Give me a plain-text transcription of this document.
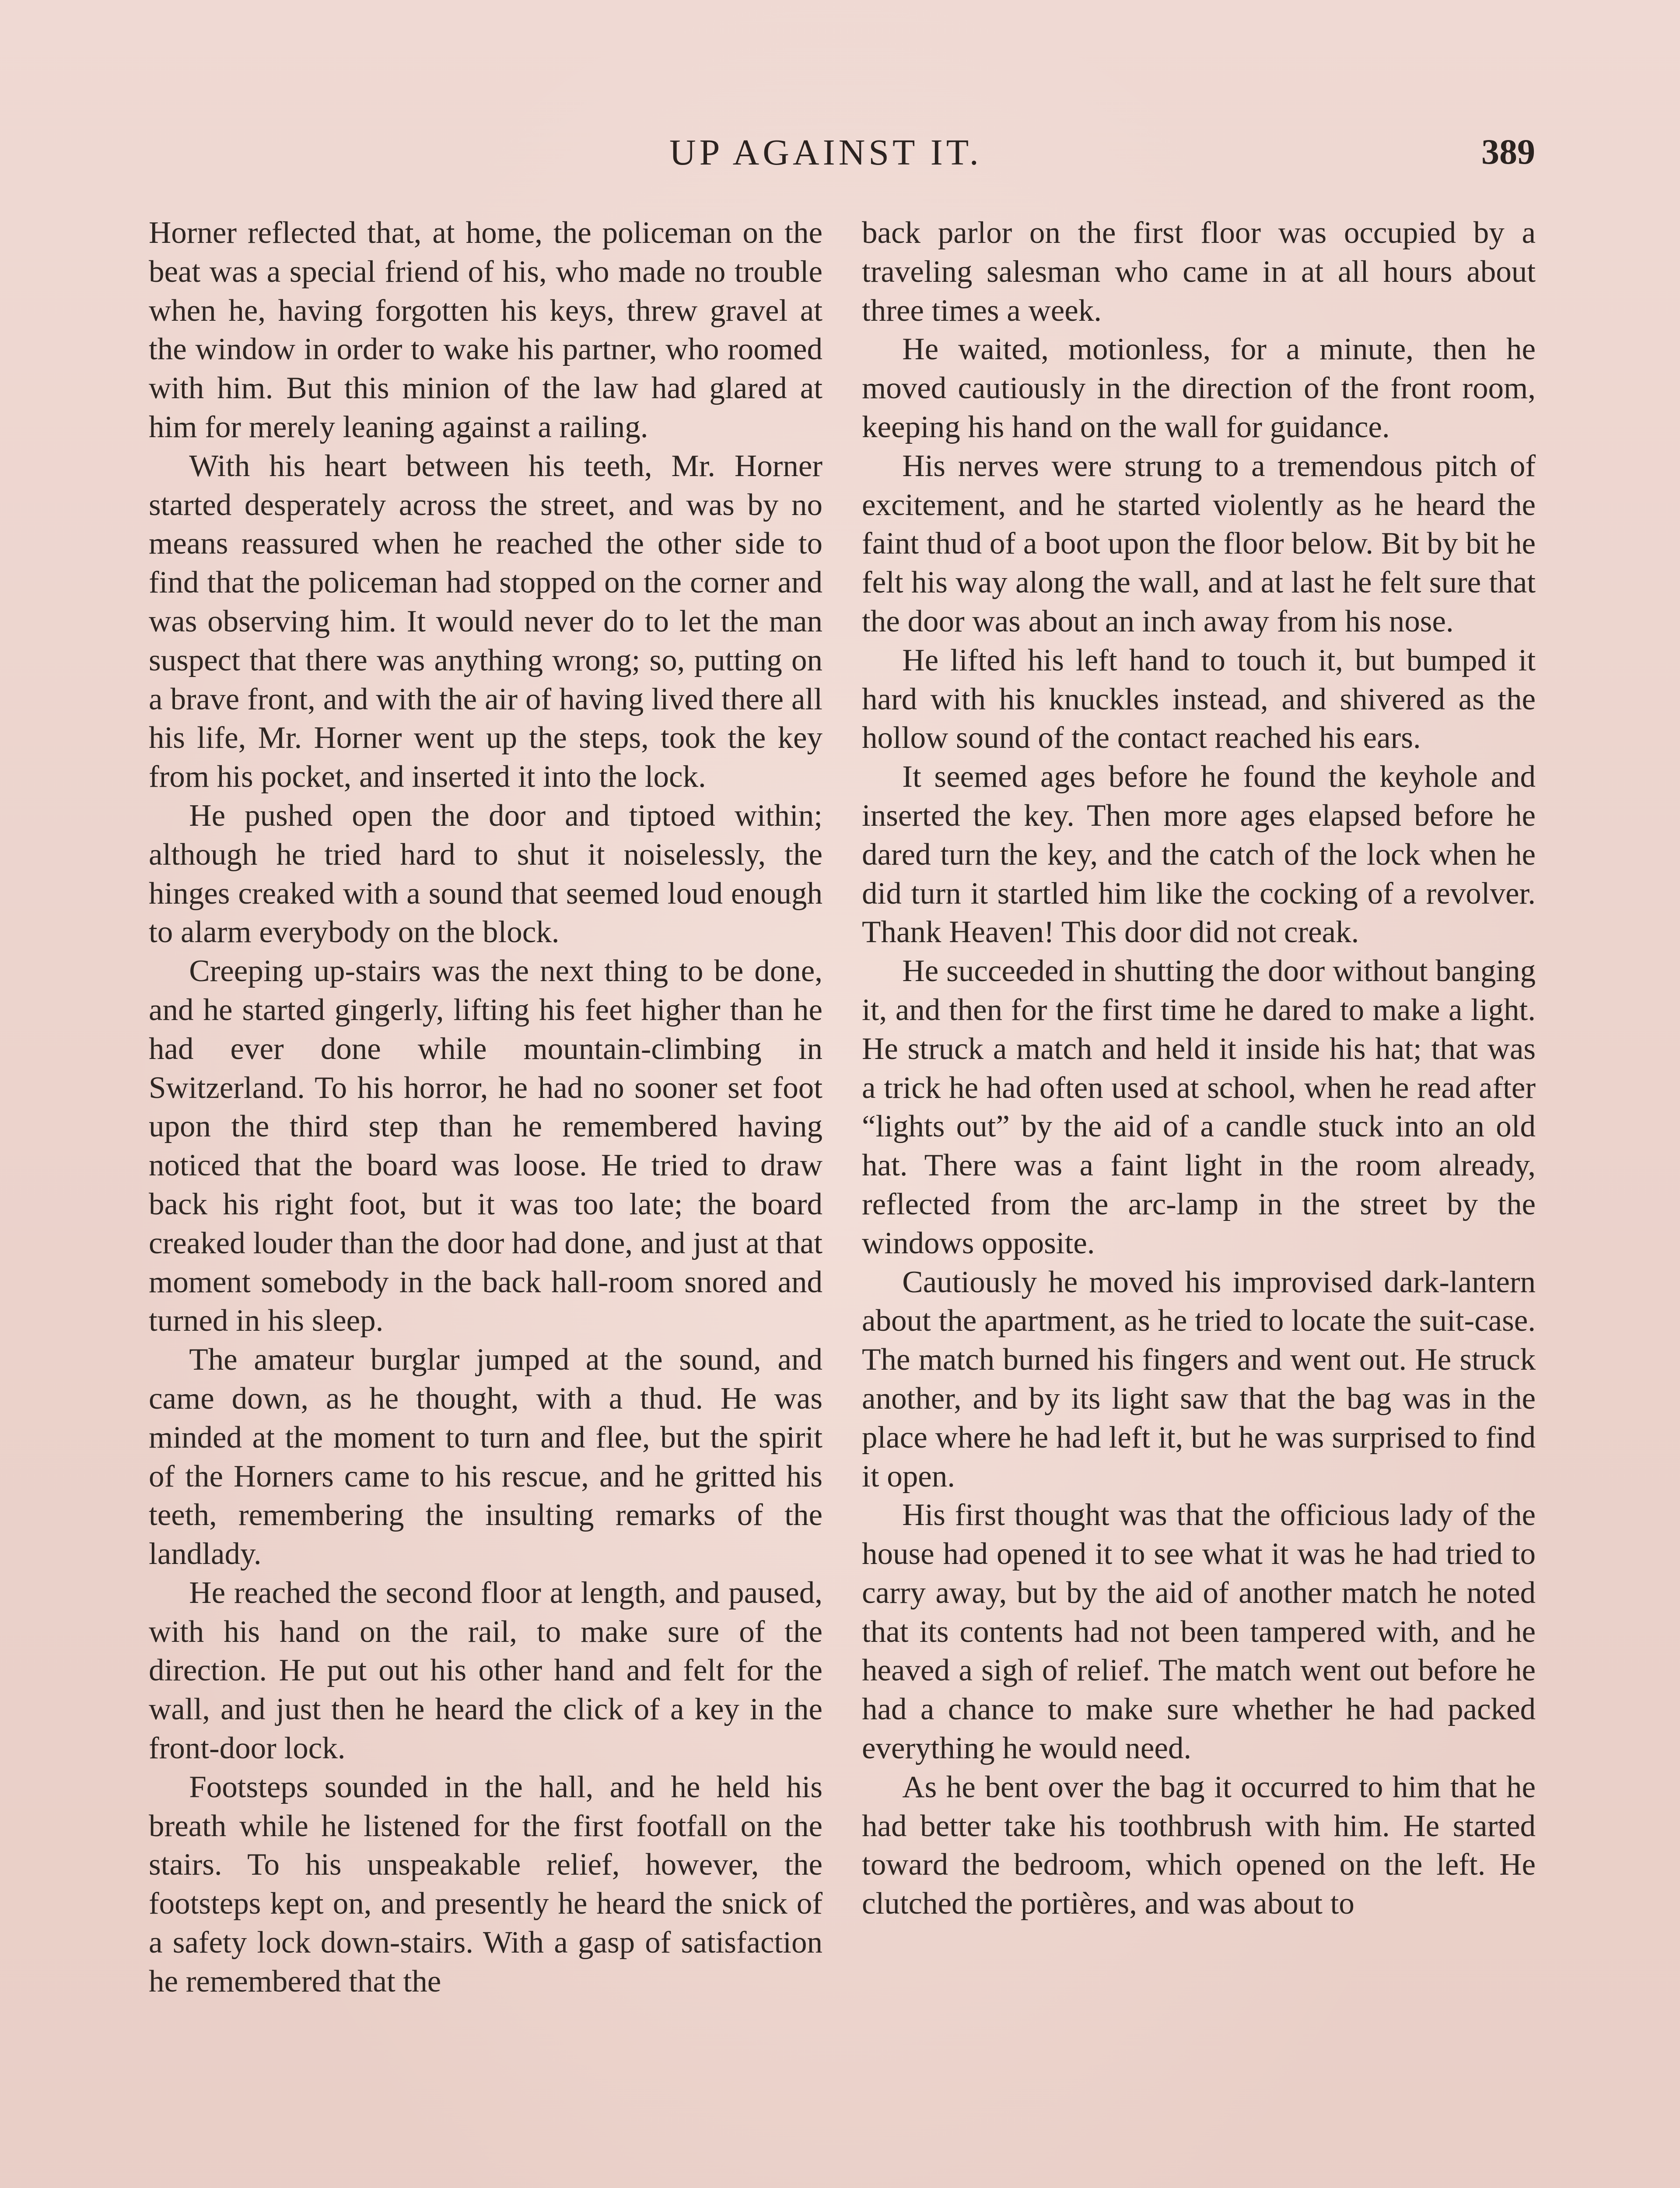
UP AGAINST IT.	389

Horner reflected that, at home, the policeman on the beat was a special friend of his, who made no trouble when he, having forgotten his keys, threw gravel at the window in order to wake his partner, who roomed with him. But this minion of the law had glared at him for merely leaning against a railing.

With his heart between his teeth, Mr. Horner started desperately across the street, and was by no means reassured when he reached the other side to find that the policeman had stopped on the corner and was observing him. It would never do to let the man suspect that there was anything wrong; so, putting on a brave front, and with the air of having lived there all his life, Mr. Horner went up the steps, took the key from his pocket, and inserted it into the lock.

He pushed open the door and tiptoed within; although he tried hard to shut it noiselessly, the hinges creaked with a sound that seemed loud enough to alarm everybody on the block.

Creeping up-stairs was the next thing to be done, and he started gingerly, lifting his feet higher than he had ever done while mountain-climbing in Switzerland. To his horror, he had no sooner set foot upon the third step than he remembered having noticed that the board was loose. He tried to draw back his right foot, but it was too late; the board creaked louder than the door had done, and just at that moment somebody in the back hall-room snored and turned in his sleep.

The amateur burglar jumped at the sound, and came down, as he thought, with a thud. He was minded at the moment to turn and flee, but the spirit of the Horners came to his rescue, and he gritted his teeth, remembering the insulting remarks of the landlady.

He reached the second floor at length, and paused, with his hand on the rail, to make sure of the direction. He put out his other hand and felt for the wall, and just then he heard the click of a key in the front-door lock.

Footsteps sounded in the hall, and he held his breath while he listened for the first footfall on the stairs. To his unspeakable relief, however, the footsteps kept on, and presently he heard the snick of a safety lock down-stairs. With a gasp of satisfaction he remembered that the

back parlor on the first floor was occupied by a traveling salesman who came in at all hours about three times a week.

He waited, motionless, for a minute, then he moved cautiously in the direction of the front room, keeping his hand on the wall for guidance.

His nerves were strung to a tremendous pitch of excitement, and he started violently as he heard the faint thud of a boot upon the floor below. Bit by bit he felt his way along the wall, and at last he felt sure that the door was about an inch away from his nose.

He lifted his left hand to touch it, but bumped it hard with his knuckles instead, and shivered as the hollow sound of the contact reached his ears.

It seemed ages before he found the keyhole and inserted the key. Then more ages elapsed before he dared turn the key, and the catch of the lock when he did turn it startled him like the cocking of a revolver. Thank Heaven! This door did not creak.

He succeeded in shutting the door without banging it, and then for the first time he dared to make a light. He struck a match and held it inside his hat; that was a trick he had often used at school, when he read after “lights out” by the aid of a candle stuck into an old hat. There was a faint light in the room already, reflected from the arc-lamp in the street by the windows opposite.

Cautiously he moved his improvised dark-lantern about the apartment, as he tried to locate the suit-case. The match burned his fingers and went out. He struck another, and by its light saw that the bag was in the place where he had left it, but he was surprised to find it open.

His first thought was that the officious lady of the house had opened it to see what it was he had tried to carry away, but by the aid of another match he noted that its contents had not been tampered with, and he heaved a sigh of relief. The match went out before he had a chance to make sure whether he had packed everything he would need.

As he bent over the bag it occurred to him that he had better take his toothbrush with him. He started toward the bedroom, which opened on the left. He clutched the portières, and was about to
